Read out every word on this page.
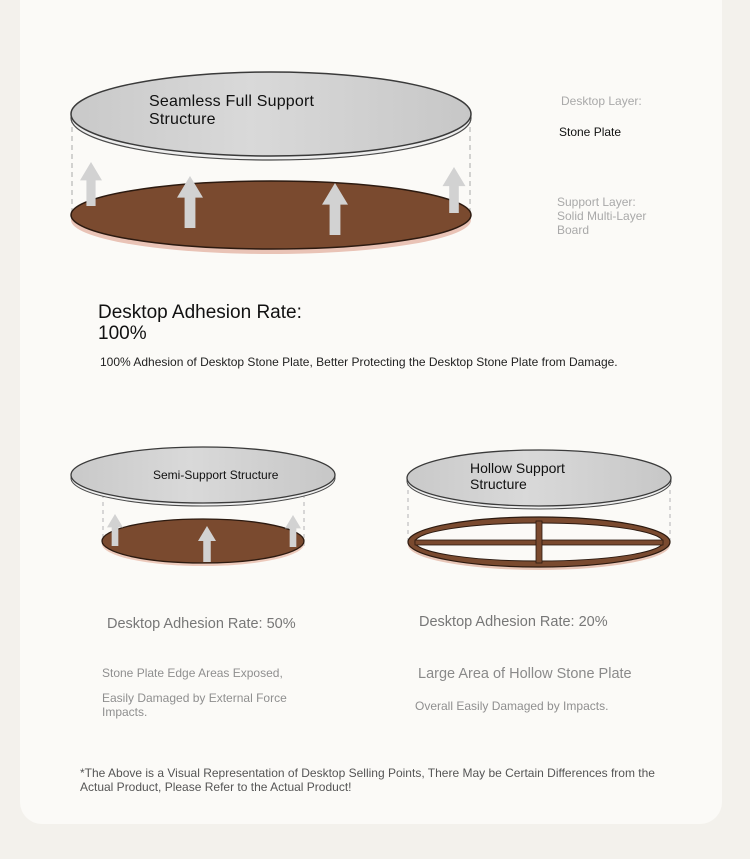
Seamless Full Support
Structure
Desktop Layer:
Stone Plate
Support Layer:
Solid Multi-Layer
Board
Desktop Adhesion Rate:
100%
100% Adhesion of Desktop Stone Plate, Better Protecting the Desktop Stone Plate from Damage.
Semi-Support Structure
Desktop Adhesion Rate: 50%
Stone Plate Edge Areas Exposed,
Easily Damaged by External Force
Impacts.
Hollow Support
Structure
Desktop Adhesion Rate: 20%
Large Area of Hollow Stone Plate
Overall Easily Damaged by Impacts.
*The Above is a Visual Representation of Desktop Selling Points, There May be Certain Differences from the
Actual Product, Please Refer to the Actual Product!
